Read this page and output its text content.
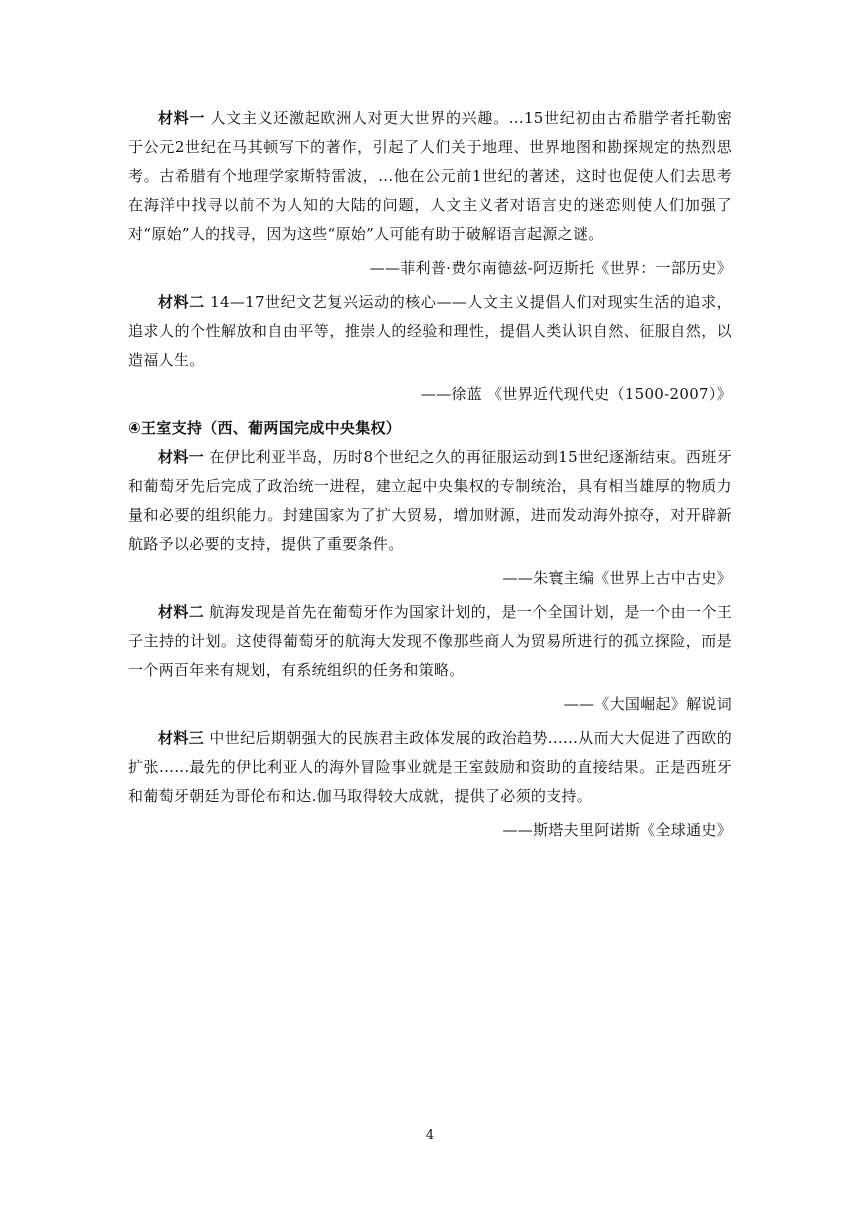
材料一 人文主义还激起欧洲人对更大世界的兴趣。...15世纪初由古希腊学者托勒密于公元2世纪在马其顿写下的著作，引起了人们关于地理、世界地图和勘探规定的热烈思考。古希腊有个地理学家斯特雷波，...他在公元前1世纪的著述，这时也促使人们去思考在海洋中找寻以前不为人知的大陆的问题，人文主义者对语言史的迷恋则使人们加强了对“原始”人的找寻，因为这些“原始”人可能有助于破解语言起源之谜。

——菲利普·费尔南德兹-阿迈斯托《世界：一部历史》

材料二 14—17世纪文艺复兴运动的核心——人文主义提倡人们对现实生活的追求，追求人的个性解放和自由平等，推崇人的经验和理性，提倡人类认识自然、征服自然，以造福人生。

——徐蓝 《世界近代现代史（1500-2007）》
④王室支持（西、葡两国完成中央集权）

材料一 在伊比利亚半岛，历时8个世纪之久的再征服运动到15世纪逐渐结束。西班牙和葡萄牙先后完成了政治统一进程，建立起中央集权的专制统治，具有相当雄厚的物质力量和必要的组织能力。封建国家为了扩大贸易，增加财源，进而发动海外掠夺，对开辟新航路予以必要的支持，提供了重要条件。

——朱寰主编《世界上古中古史》

材料二 航海发现是首先在葡萄牙作为国家计划的，是一个全国计划，是一个由一个王子主持的计划。这使得葡萄牙的航海大发现不像那些商人为贸易所进行的孤立探险，而是一个两百年来有规划，有系统组织的任务和策略。

——《大国崛起》解说词

材料三 中世纪后期朝强大的民族君主政体发展的政治趋势......从而大大促进了西欧的扩张......最先的伊比利亚人的海外冒险事业就是王室鼓励和资助的直接结果。正是西班牙和葡萄牙朝廷为哥伦布和达.伽马取得较大成就，提供了必须的支持。

——斯塔夫里阿诺斯《全球通史》
4
